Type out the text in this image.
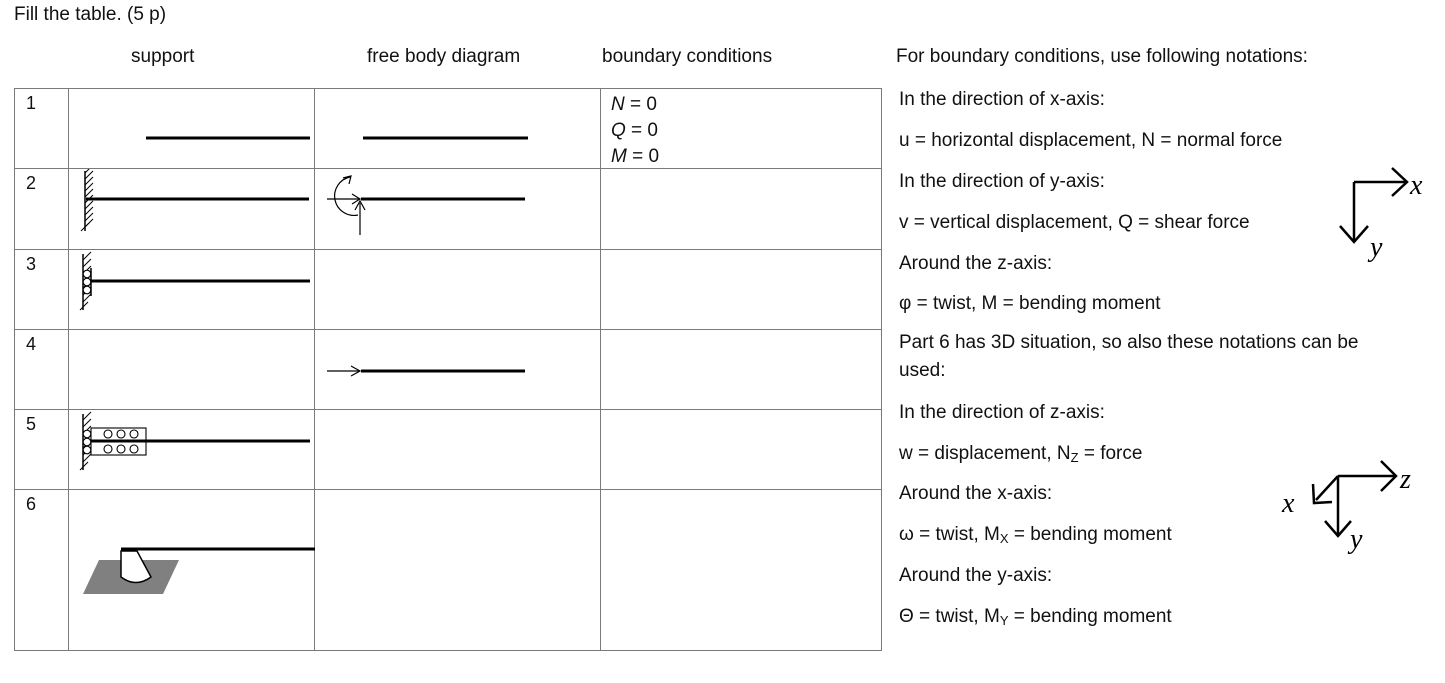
Fill the table. (5 p)
support	free body diagram	boundary conditions
1			N = 0
Q = 0
M = 0

2

3

4

5

6

For boundary conditions, use following notations:

In the direction of x-axis:

u = horizontal displacement, N = normal force

In the direction of y-axis:

v = vertical displacement, Q = shear force

Around the z-axis:

φ = twist, M = bending moment

Part 6 has 3D situation, so also these notations can be used:

In the direction of z-axis:

w = displacement, $N_Z$ = force

Around the x-axis:

ω = twist, $M_X$ = bending moment

Around the y-axis:

Θ = twist, $M_Y$ = bending moment

x
y
z
x
y
